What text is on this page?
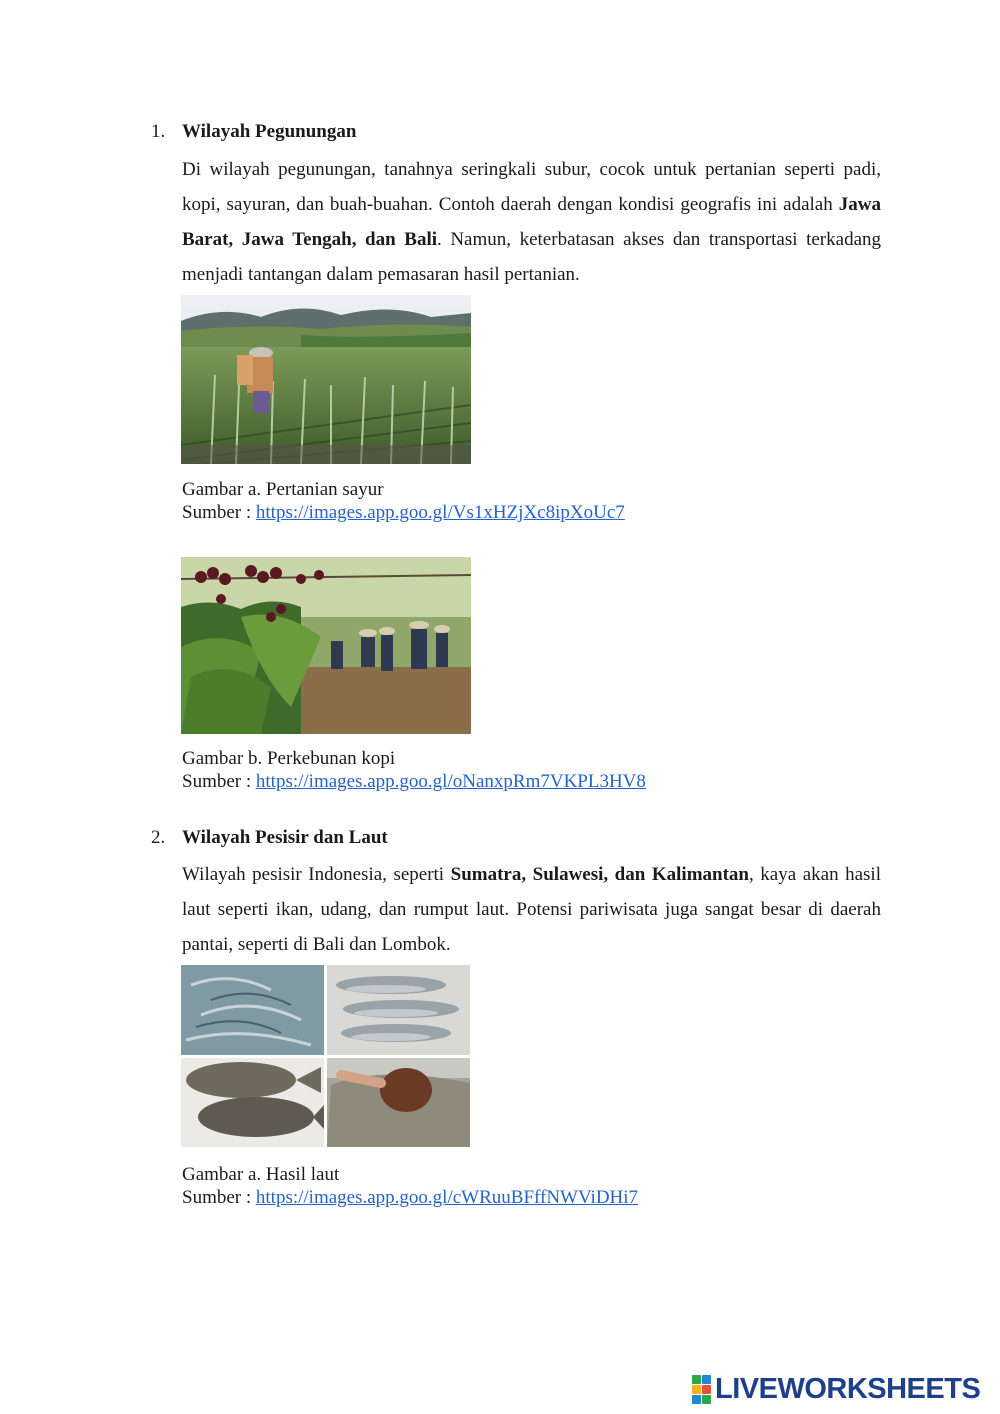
1. Wilayah Pegunungan
Di wilayah pegunungan, tanahnya seringkali subur, cocok untuk pertanian seperti padi, kopi, sayuran, dan buah-buahan. Contoh daerah dengan kondisi geografis ini adalah Jawa Barat, Jawa Tengah, dan Bali. Namun, keterbatasan akses dan transportasi terkadang menjadi tantangan dalam pemasaran hasil pertanian.
Gambar a. Pertanian sayur
Sumber : https://images.app.goo.gl/Vs1xHZjXc8ipXoUc7
Gambar b. Perkebunan kopi
Sumber : https://images.app.goo.gl/oNanxpRm7VKPL3HV8
2. Wilayah Pesisir dan Laut
Wilayah pesisir Indonesia, seperti Sumatra, Sulawesi, dan Kalimantan, kaya akan hasil laut seperti ikan, udang, dan rumput laut. Potensi pariwisata juga sangat besar di daerah pantai, seperti di Bali dan Lombok.
Gambar a. Hasil laut
Sumber : https://images.app.goo.gl/cWRuuBFffNWViDHi7
LIVEWORKSHEETS
